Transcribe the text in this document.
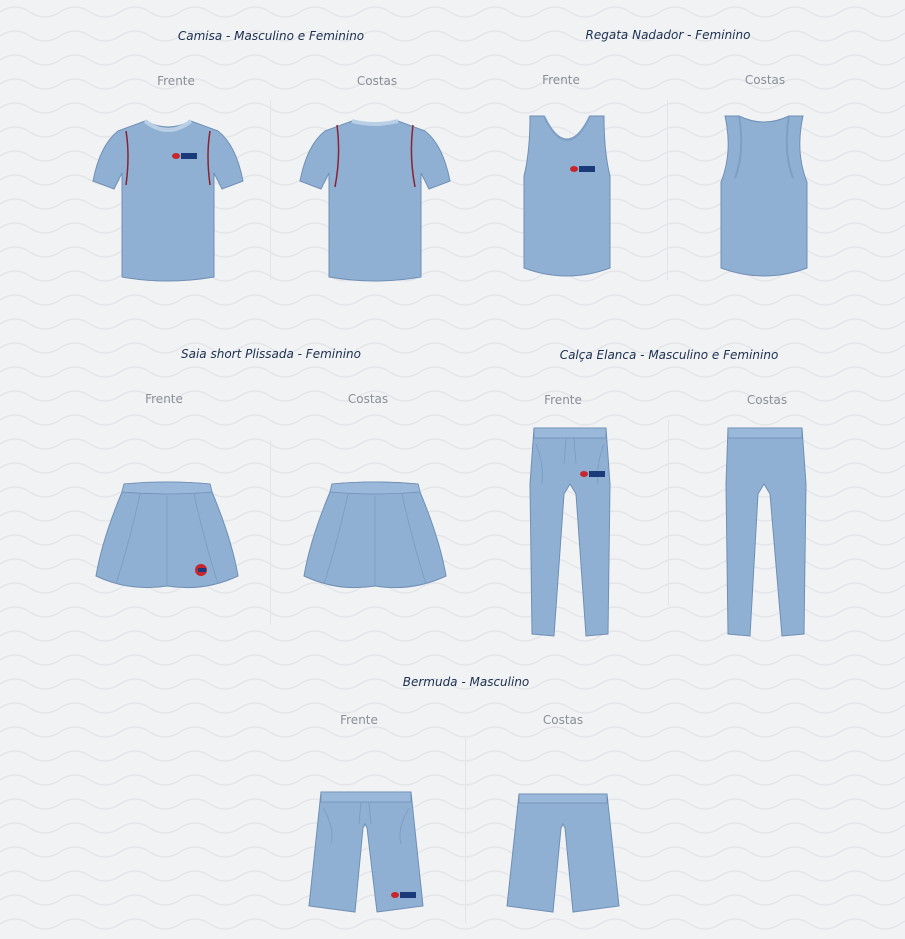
Camisa - Masculino e Feminino
Frente	Costas
Regata Nadador - Feminino
Frente	Costas
Saia short Plissada - Feminino
Frente	Costas
Calça Elanca - Masculino e Feminino
Frente	Costas
Bermuda - Masculino
Frente	Costas
